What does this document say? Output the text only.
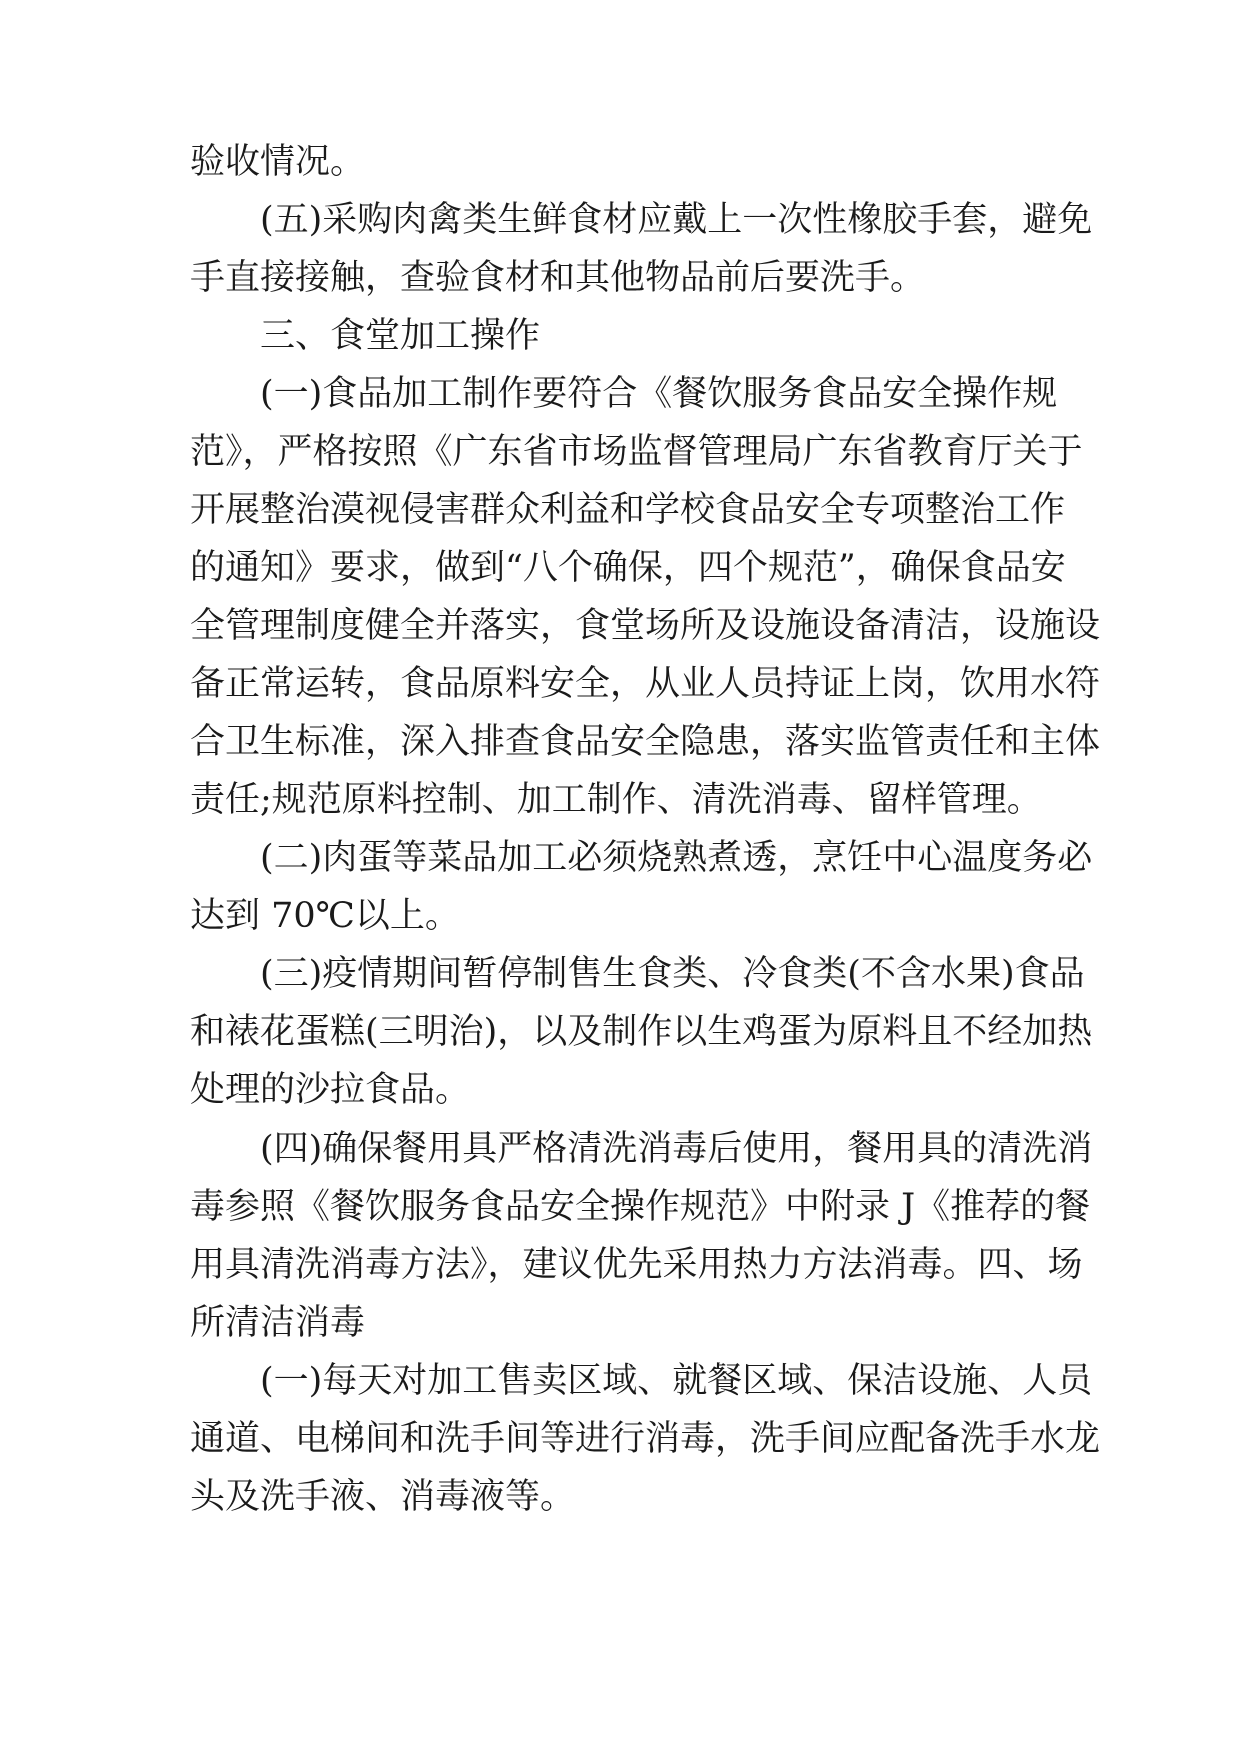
验收情况。
(五)采购肉禽类生鲜食材应戴上一次性橡胶手套，避免
手直接接触，查验食材和其他物品前后要洗手。
三、食堂加工操作
(一)食品加工制作要符合《餐饮服务食品安全操作规
范》，严格按照《广东省市场监督管理局广东省教育厅关于
开展整治漠视侵害群众利益和学校食品安全专项整治工作
的通知》要求，做到“八个确保，四个规范”，确保食品安
全管理制度健全并落实，食堂场所及设施设备清洁，设施设
备正常运转，食品原料安全，从业人员持证上岗，饮用水符
合卫生标准，深入排查食品安全隐患，落实监管责任和主体
责任;规范原料控制、加工制作、清洗消毒、留样管理。
(二)肉蛋等菜品加工必须烧熟煮透，烹饪中心温度务必
达到 70℃以上。
(三)疫情期间暂停制售生食类、冷食类(不含水果)食品
和裱花蛋糕(三明治)，以及制作以生鸡蛋为原料且不经加热
处理的沙拉食品。
(四)确保餐用具严格清洗消毒后使用，餐用具的清洗消
毒参照《餐饮服务食品安全操作规范》中附录 J《推荐的餐
用具清洗消毒方法》，建议优先采用热力方法消毒。四、场
所清洁消毒
(一)每天对加工售卖区域、就餐区域、保洁设施、人员
通道、电梯间和洗手间等进行消毒，洗手间应配备洗手水龙
头及洗手液、消毒液等。
